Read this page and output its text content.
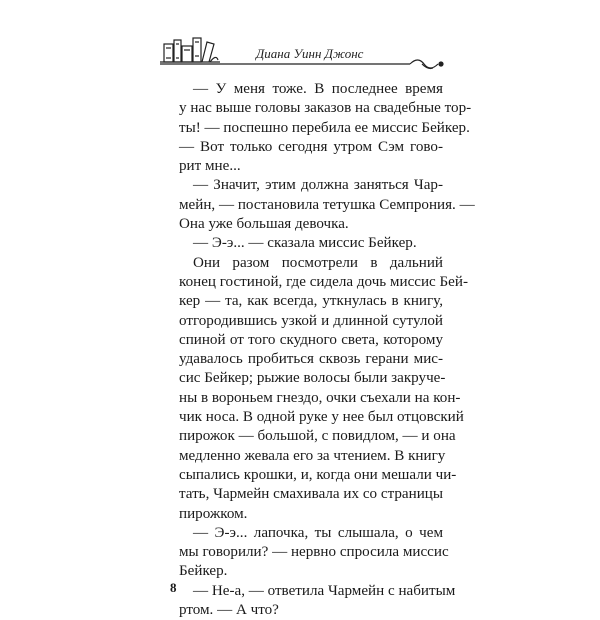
Диана Уинн Джонс

— У меня тоже. В последнее время
у нас выше головы заказов на свадебные тор-
ты! — поспешно перебила ее миссис Бейкер.
— Вот только сегодня утром Сэм гово-
рит мне...

— Значит, этим должна заняться Чар-
мейн, — постановила тетушка Семпрония. —
Она уже большая девочка.

— Э-э... — сказала миссис Бейкер.

Они разом посмотрели в дальний
конец гостиной, где сидела дочь миссис Бей-
кер — та, как всегда, уткнулась в книгу,
отгородившись узкой и длинной сутулой
спиной от того скудного света, которому
удавалось пробиться сквозь герани мис-
сис Бейкер; рыжие волосы были закруче-
ны в вороньем гнездо, очки съехали на кон-
чик носа. В одной руке у нее был отцовский
пирожок — большой, с повидлом, — и она
медленно жевала его за чтением. В книгу
сыпались крошки, и, когда они мешали чи-
тать, Чармейн смахивала их со страницы
пирожком.

— Э-э... лапочка, ты слышала, о чем
мы говорили? — нервно спросила миссис
Бейкер.

— Не-а, — ответила Чармейн с набитым
ртом. — А что?

8
